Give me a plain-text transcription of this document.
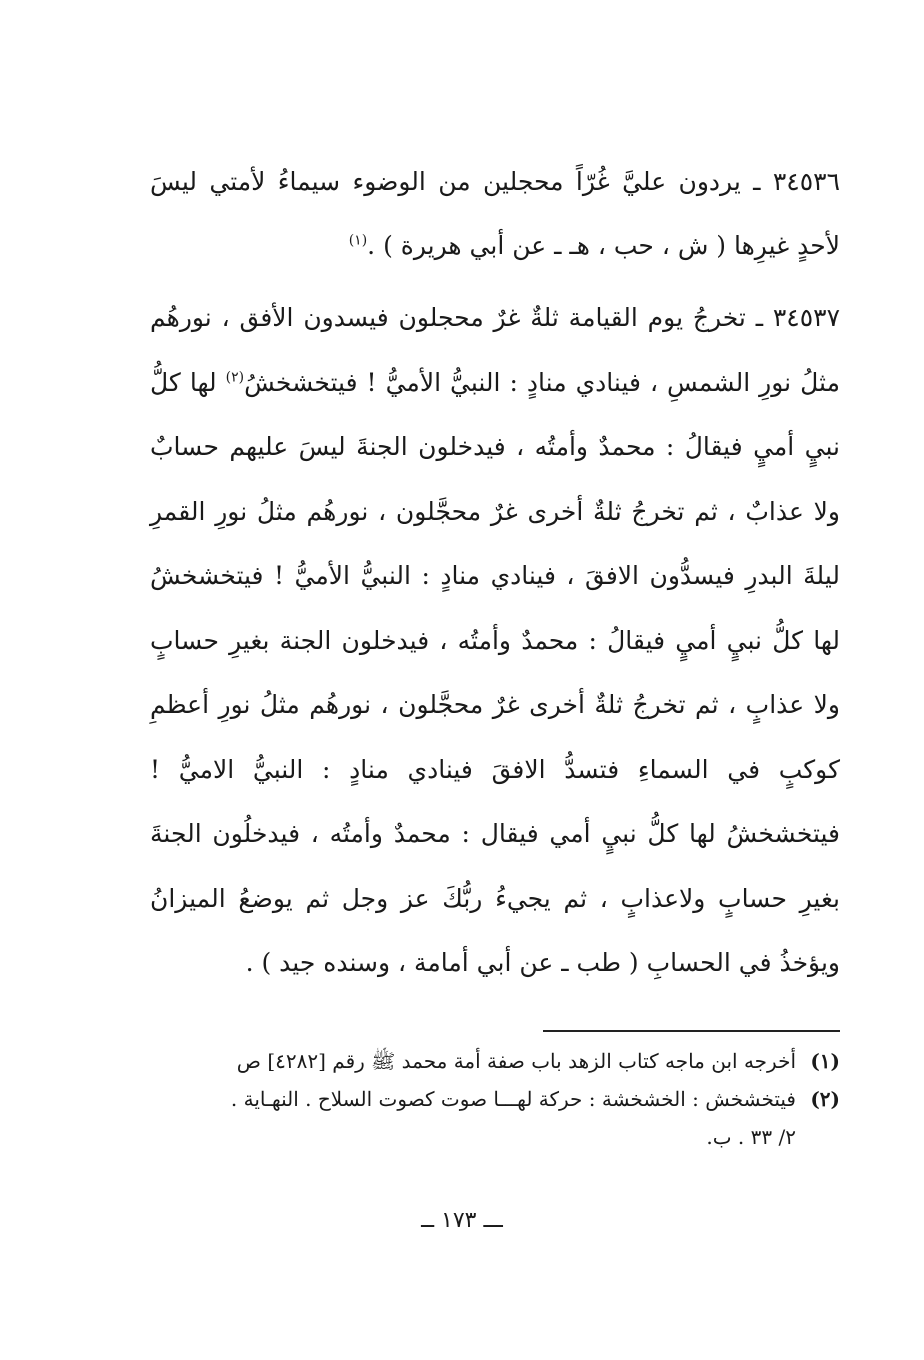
٣٤٥٣٦ ـ يردون عليَّ غُرّاً محجلين من الوضوء سيماءُ لأمتي ليسَ لأحدٍ غيرِها ( ش ، حب ، هـ ـ عن أبي هريرة ) .$^{(١)}$

٣٤٥٣٧ ـ تخرجُ يوم القيامة ثلةٌ غرٌ محجلون فيسدون الأفق ، نورهُم مثلُ نورِ الشمسِ ، فينادي منادٍ : النبيُّ الأميُّ ! فيتخشخشُ$^{(٢)}$ لها كلُّ نبيٍ أميٍ فيقالُ : محمدٌ وأمتُه ، فيدخلون الجنةَ ليسَ عليهم حسابٌ ولا عذابٌ ، ثم تخرجُ ثلةٌ أخرى غرٌ محجَّلون ، نورهُم مثلُ نورِ القمرِ ليلةَ البدرِ فيسدُّون الافقَ ، فينادي منادٍ : النبيُّ الأميُّ ! فيتخشخشُ لها كلُّ نبيٍ أميٍ فيقالُ : محمدٌ وأمتُه ، فيدخلون الجنة بغيرِ حسابٍ ولا عذابٍ ، ثم تخرجُ ثلةٌ أخرى غرٌ محجَّلون ، نورهُم مثلُ نورِ أعظمِ كوكبٍ في السماءِ فتسدُّ الافقَ فينادي منادٍ : النبيُّ الاميُّ ! فيتخشخشُ لها كلُّ نبيٍ أمي فيقال : محمدٌ وأمتُه ، فيدخلُون الجنةَ بغيرِ حسابٍ ولاعذابٍ ، ثم يجيءُ ربُّكَ عز وجل ثم يوضعُ الميزانُ ويؤخذُ في الحسابِ ( طب ـ عن أبي أمامة ، وسنده جيد ) .

(١)
أخرجه ابن ماجه كتاب الزهد باب صفة أمة محمد ﷺ رقم [٤٢٨٢] ص
(٢)
فيتخشخش : الخشخشة : حركة لهـــا صوت كصوت السلاح . النهـاية .
٢/ ٣٣ . ب.
ـــ ١٧٣ ــ
